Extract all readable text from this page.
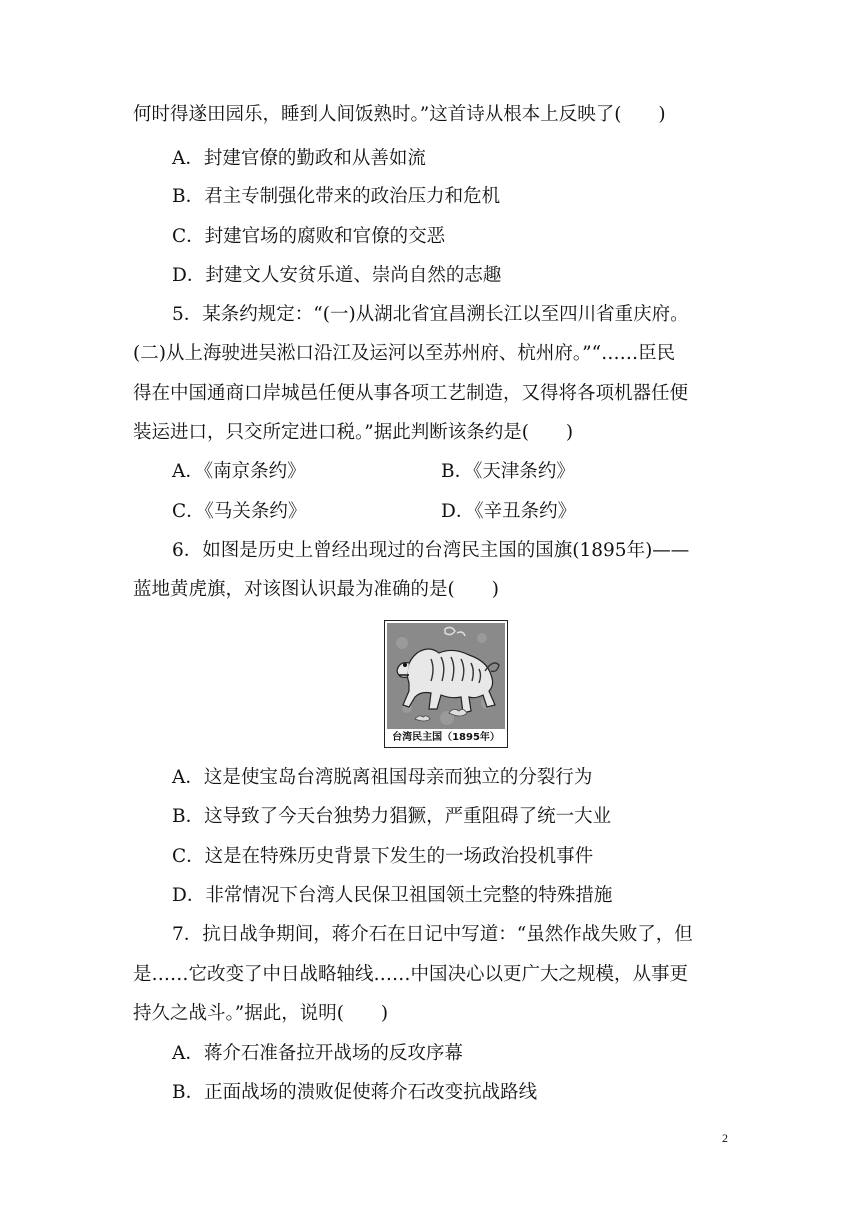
何时得遂田园乐，睡到人间饭熟时。”这首诗从根本上反映了(　　)
A．封建官僚的勤政和从善如流
B．君主专制强化带来的政治压力和危机
C．封建官场的腐败和官僚的交恶
D．封建文人安贫乐道、崇尚自然的志趣
5．某条约规定：“(一)从湖北省宜昌溯长江以至四川省重庆府。
(二)从上海驶进吴淞口沿江及运河以至苏州府、杭州府。”“……臣民
得在中国通商口岸城邑任便从事各项工艺制造，又得将各项机器任便
装运进口，只交所定进口税。”据此判断该条约是(　　)
A．《南京条约》	B．《天津条约》
C．《马关条约》	D．《辛丑条约》
6．如图是历史上曾经出现过的台湾民主国的国旗(1895年)——
蓝地黄虎旗，对该图认识最为准确的是(　　)
台湾民主国（1895年）
A．这是使宝岛台湾脱离祖国母亲而独立的分裂行为
B．这导致了今天台独势力猖獗，严重阻碍了统一大业
C．这是在特殊历史背景下发生的一场政治投机事件
D．非常情况下台湾人民保卫祖国领土完整的特殊措施
7．抗日战争期间，蒋介石在日记中写道：“虽然作战失败了，但
是……它改变了中日战略轴线……中国决心以更广大之规模，从事更
持久之战斗。”据此，说明(　　)
A．蒋介石准备拉开战场的反攻序幕
B．正面战场的溃败促使蒋介石改变抗战路线
2
